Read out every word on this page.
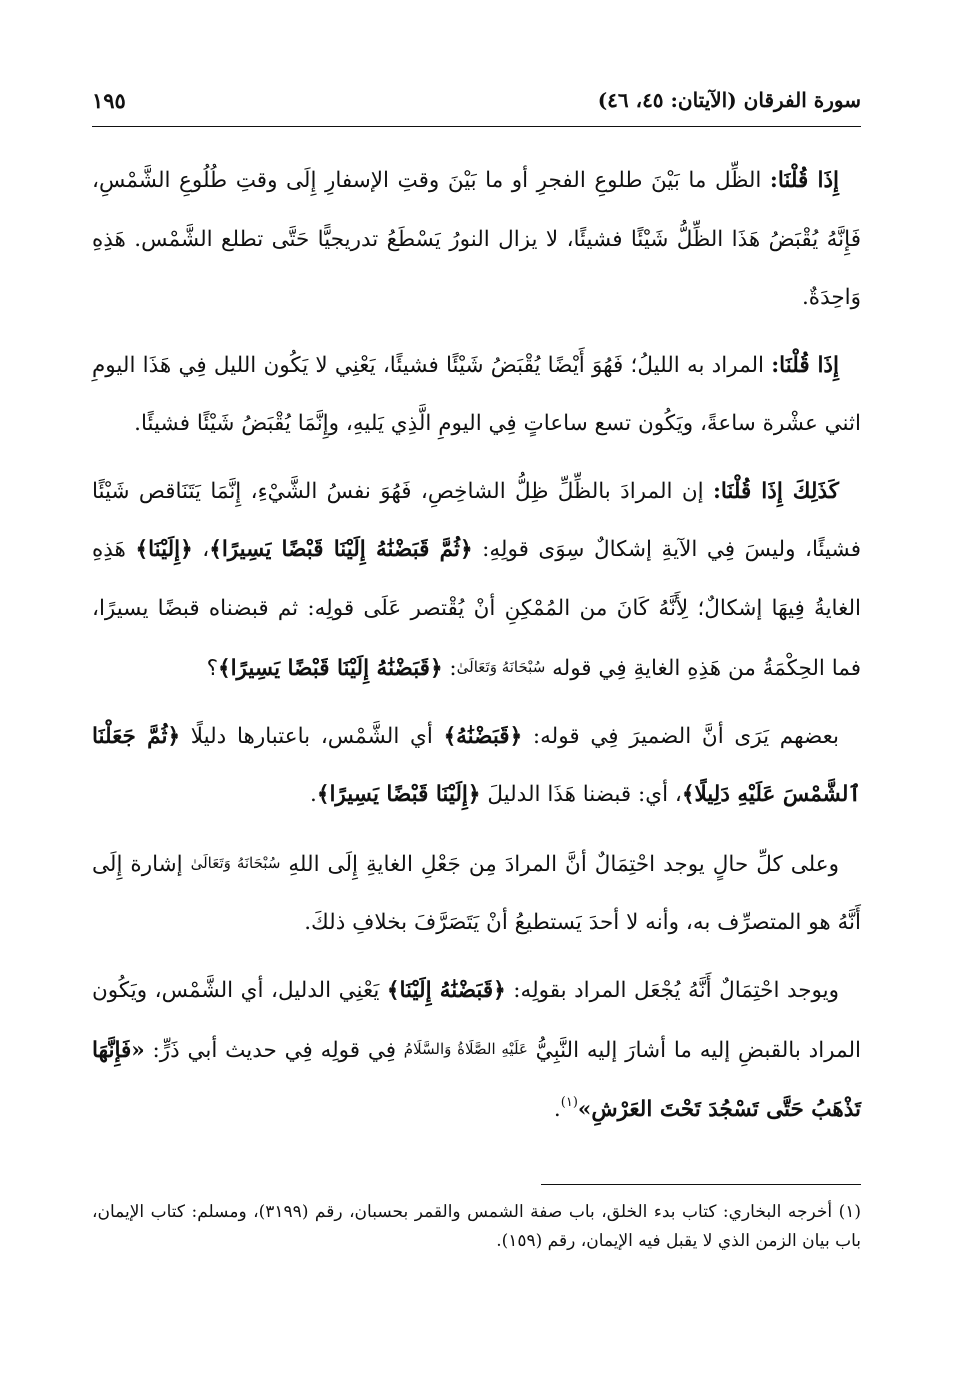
سورة الفرقان (الآيتان: ٤٥، ٤٦)
١٩٥

إِذَا قُلْنَا: الظِّل ما بَيْنَ طلوعِ الفجرِ أو ما بَيْنَ وقتِ الإسفارِ إِلَى وقتِ طُلُوعِ الشَّمْسِ، فَإِنَّهُ يُقْبَضُ هَذَا الظِّلُّ شَيْئًا فشيئًا، لا يزال النورُ يَسْطَعُ تدريجيًّا حَتَّى تطلع الشَّمْس. هَذِهِ وَاحِدَةٌ.

إِذَا قُلْنَا: المراد به الليلُ؛ فَهُوَ أَيْضًا يُقْبَضُ شَيْئًا فشيئًا، يَعْنِي لا يَكُون الليل فِي هَذَا اليومِ اثني عشْرة ساعةً، ويَكُون تسع ساعاتٍ فِي اليومِ الَّذِي يَليهِ، وإِنَّمَا يُقْبَضُ شَيْئًا فشيئًا.

كَذَلِكَ إِذَا قُلْنَا: إن المرادَ بالظِّلِّ ظِلُّ الشاخِصِ، فَهُوَ نفسُ الشَّيْءِ، إِنَّمَا يَتَنَاقص شَيْئًا فشيئًا، وليسَ فِي الآيةِ إشكالٌ سِوَى قولِهِ: ﴿ثُمَّ قَبَضْنَٰهُ إِلَيْنَا قَبْضًا يَسِيرًا﴾، ﴿إِلَيْنَا﴾ هَذِهِ الغايةُ فِيهَا إشكالٌ؛ لِأَنَّهُ كَانَ من المُمْكِنِ أنْ يُقْتصر عَلَى قولِه: ثم قبضناه قبضًا يسيرًا، فما الحِكْمَةُ من هَذِهِ الغايةِ فِي قوله سُبْحَانَهُ وَتَعَالَىٰ: ﴿قَبَضْنَٰهُ إِلَيْنَا قَبْضًا يَسِيرًا﴾؟

بعضهم يَرَى أنَّ الضميرَ فِي قوله: ﴿قَبَضْنَٰهُ﴾ أي الشَّمْس، باعتبارها دليلًا ﴿ثُمَّ جَعَلْنَا ٱلشَّمْسَ عَلَيْهِ دَلِيلًا﴾، أي: قبضنا هَذَا الدليلَ ﴿إِلَيْنَا قَبْضًا يَسِيرًا﴾.

وعلى كلِّ حالٍ يوجد احْتِمَالٌ أنَّ المرادَ مِن جَعْلِ الغايةِ إِلَى اللهِ سُبْحَانَهُ وَتَعَالَىٰ إشارة إِلَى أَنَّهُ هو المتصرِّف به، وأنه لا أحدَ يَستطيعُ أنْ يَتَصَرَّفَ بخلافِ ذلكَ.

ويوجد احْتِمَالٌ أَنَّهُ يُجْعَل المراد بقولِه: ﴿قَبَضْنَٰهُ إِلَيْنَا﴾ يَعْنِي الدليل، أي الشَّمْس، ويَكُون المراد بالقبضِ إليه ما أشارَ إليه النَّبِيُّ عَلَيْهِ الصَّلَاةُ وَالسَّلَامُ فِي قولِه فِي حديث أبي ذَرٍّ: «فَإِنَّهَا تَذْهَبُ حَتَّى تَسْجُدَ تَحْتَ العَرْشِ»$^{(١)}$.

(١) أخرجه البخاري: كتاب بدء الخلق، باب صفة الشمس والقمر بحسبان، رقم (٣١٩٩)، ومسلم: كتاب الإيمان، باب بيان الزمن الذي لا يقبل فيه الإيمان، رقم (١٥٩).
